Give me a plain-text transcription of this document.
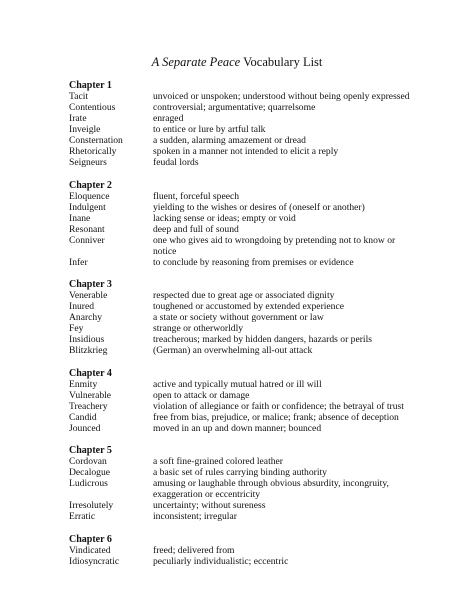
A Separate Peace Vocabulary List
Chapter 1
Tacit	unvoiced or unspoken; understood without being openly expressed
Contentious	controversial; argumentative; quarrelsome
Irate	enraged
Inveigle	to entice or lure by artful talk
Consternation	a sudden, alarming amazement or dread
Rhetorically	spoken in a manner not intended to elicit a reply
Seigneurs	feudal lords
Chapter 2
Eloquence	fluent, forceful speech
Indulgent	yielding to the wishes or desires of (oneself or another)
Inane	lacking sense or ideas; empty or void
Resonant	deep and full of sound
Conniver	one who gives aid to wrongdoing by pretending not to know or notice
Infer	to conclude by reasoning from premises or evidence
Chapter 3
Venerable	respected due to great age or associated dignity
Inured	toughened or accustomed by extended experience
Anarchy	a state or society without government or law
Fey	strange or otherworldly
Insidious	treacherous; marked by hidden dangers, hazards or perils
Blitzkrieg	(German) an overwhelming all-out attack
Chapter 4
Enmity	active and typically mutual hatred or ill will
Vulnerable	open to attack or damage
Treachery	violation of allegiance or faith or confidence; the betrayal of trust
Candid	free from bias, prejudice, or malice; frank; absence of deception
Jounced	moved in an up and down manner; bounced
Chapter 5
Cordovan	a soft fine-grained colored leather
Decalogue	a basic set of rules carrying binding authority
Ludicrous	amusing or laughable through obvious absurdity, incongruity, exaggeration or eccentricity
Irresolutely	uncertainty; without sureness
Erratic	inconsistent; irregular
Chapter 6
Vindicated	freed; delivered from
Idiosyncratic	peculiarly individualistic; eccentric
